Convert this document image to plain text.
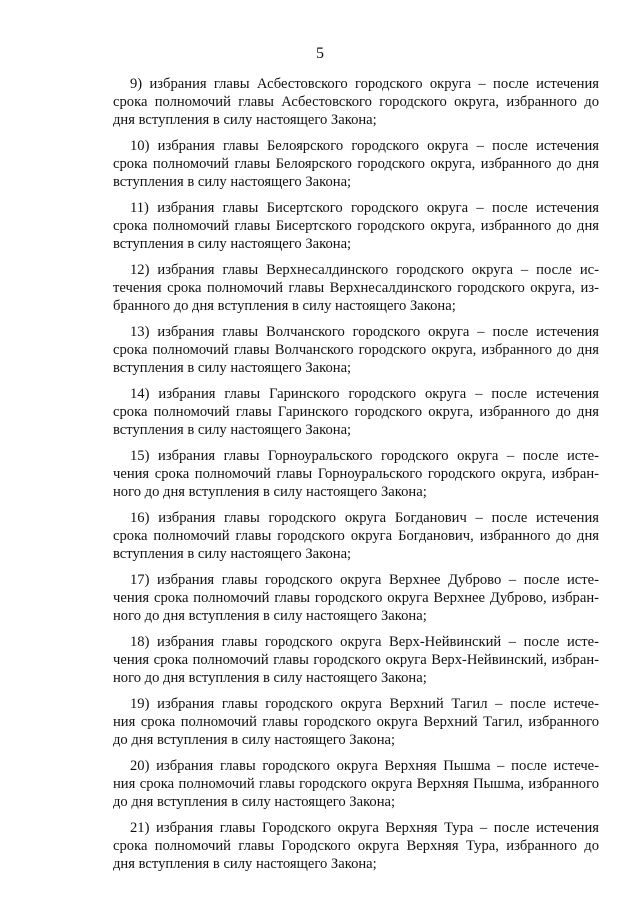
5
9) избрания главы Асбестовского городского округа – после истечения
срока полномочий главы Асбестовского городского округа, избранного до
дня вступления в силу настоящего Закона;
10) избрания главы Белоярского городского округа – после истечения
срока полномочий главы Белоярского городского округа, избранного до дня
вступления в силу настоящего Закона;
11) избрания главы Бисертского городского округа – после истечения
срока полномочий главы Бисертского городского округа, избранного до дня
вступления в силу настоящего Закона;
12) избрания главы Верхнесалдинского городского округа – после ис-
течения срока полномочий главы Верхнесалдинского городского округа, из-
бранного до дня вступления в силу настоящего Закона;
13) избрания главы Волчанского городского округа – после истечения
срока полномочий главы Волчанского городского округа, избранного до дня
вступления в силу настоящего Закона;
14) избрания главы Гаринского городского округа – после истечения
срока полномочий главы Гаринского городского округа, избранного до дня
вступления в силу настоящего Закона;
15) избрания главы Горноуральского городского округа – после исте-
чения срока полномочий главы Горноуральского городского округа, избран-
ного до дня вступления в силу настоящего Закона;
16) избрания главы городского округа Богданович – после истечения
срока полномочий главы городского округа Богданович, избранного до дня
вступления в силу настоящего Закона;
17) избрания главы городского округа Верхнее Дуброво – после исте-
чения срока полномочий главы городского округа Верхнее Дуброво, избран-
ного до дня вступления в силу настоящего Закона;
18) избрания главы городского округа Верх-Нейвинский – после исте-
чения срока полномочий главы городского округа Верх-Нейвинский, избран-
ного до дня вступления в силу настоящего Закона;
19) избрания главы городского округа Верхний Тагил – после истече-
ния срока полномочий главы городского округа Верхний Тагил, избранного
до дня вступления в силу настоящего Закона;
20) избрания главы городского округа Верхняя Пышма – после истече-
ния срока полномочий главы городского округа Верхняя Пышма, избранного
до дня вступления в силу настоящего Закона;
21) избрания главы Городского округа Верхняя Тура – после истечения
срока полномочий главы Городского округа Верхняя Тура, избранного до
дня вступления в силу настоящего Закона;
